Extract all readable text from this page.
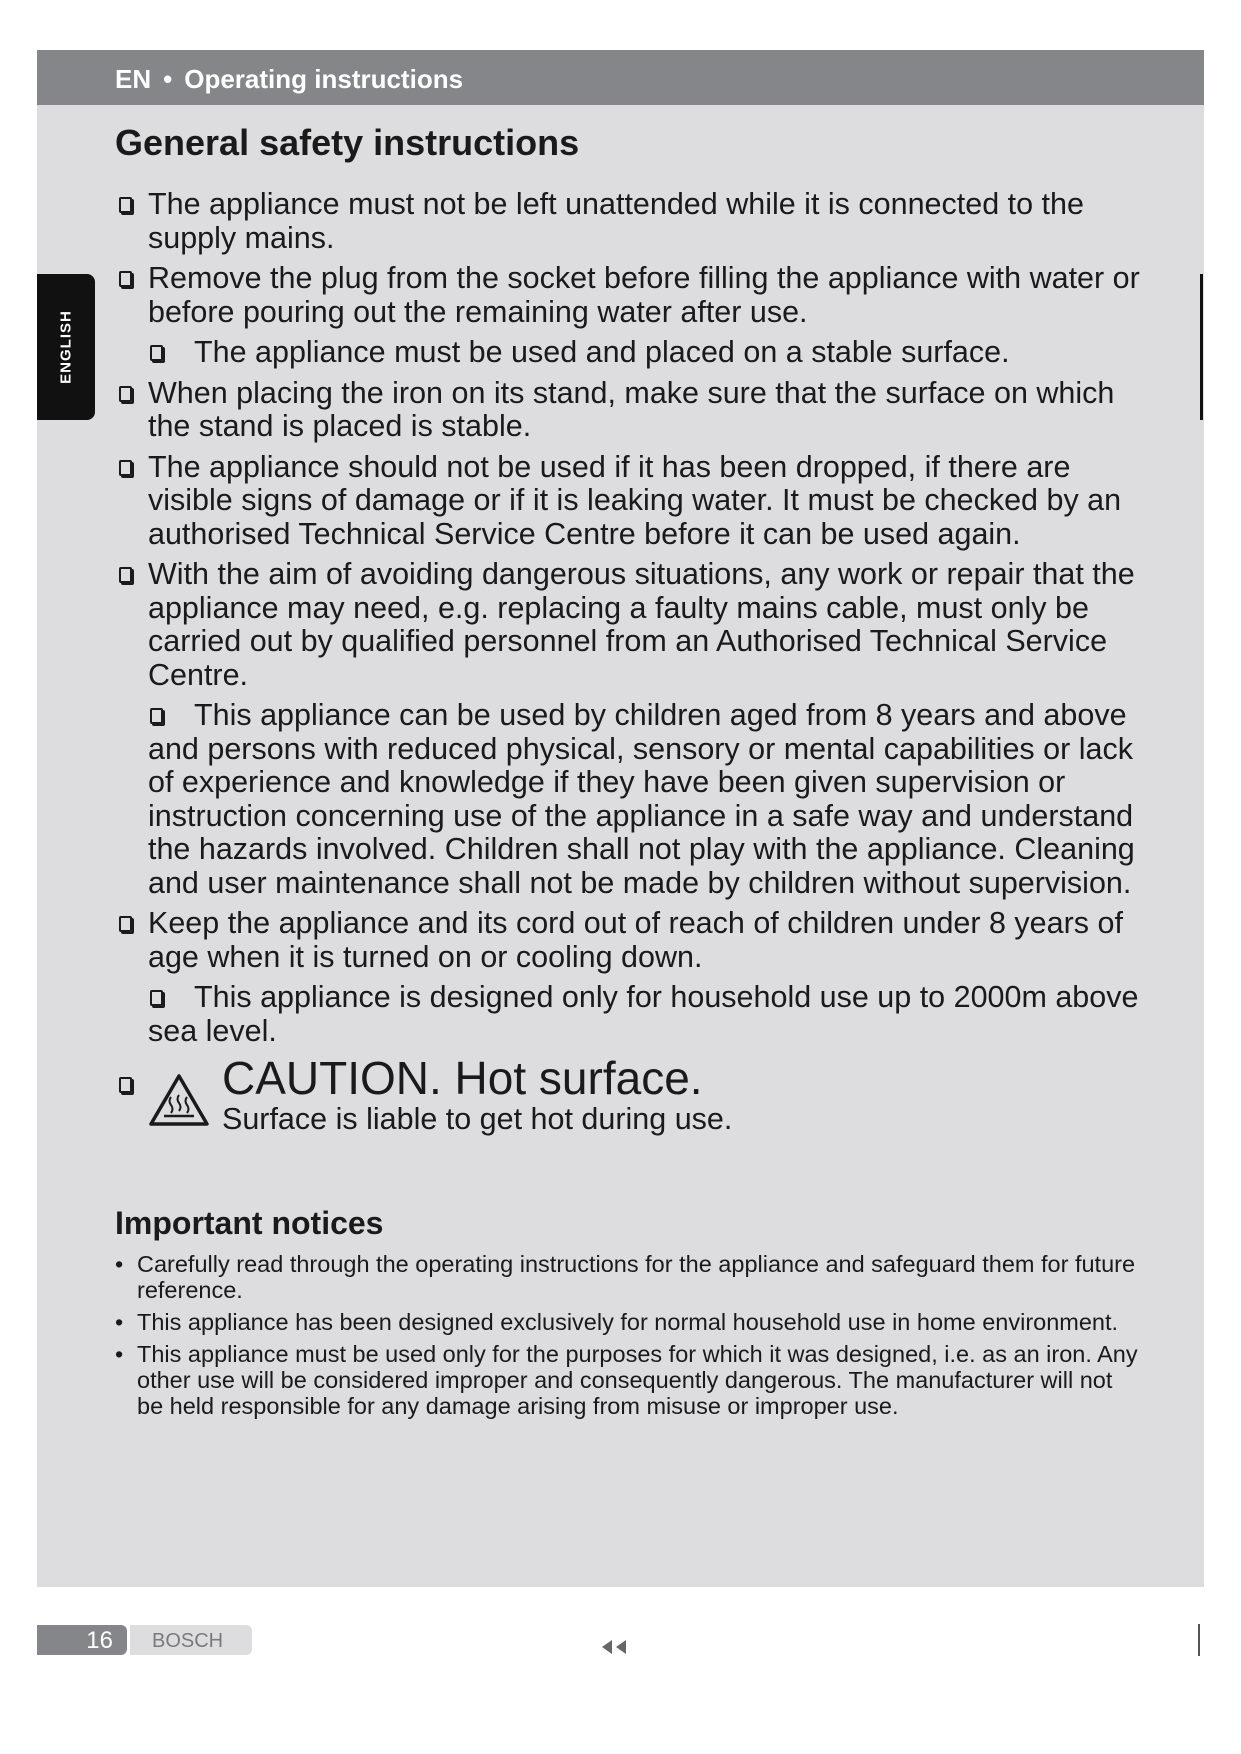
EN • Operating instructions
ENGLISH
General safety instructions
The appliance must not be left unattended while it is connected to the supply mains.
Remove the plug from the socket before filling the appliance with water or before pouring out the remaining water after use.
The appliance must be used and placed on a stable surface.
When placing the iron on its stand, make sure that the surface on which the stand is placed is stable.
The appliance should not be used if it has been dropped, if there are visible signs of damage or if it is leaking water. It must be checked by an authorised Technical Service Centre before it can be used again.
With the aim of avoiding dangerous situations, any work or repair that the appliance may need, e.g. replacing a faulty mains cable, must only be carried out by qualified personnel from an Authorised Technical Service Centre.
This appliance can be used by children aged from 8 years and above and persons with reduced physical, sensory or mental capabilities or lack of experience and knowledge if they have been given supervision or instruction concerning use of the appliance in a safe way and understand the hazards involved. Children shall not play with the appliance. Cleaning and user maintenance shall not be made by children without supervision.
Keep the appliance and its cord out of reach of children under 8 years of age when it is turned on or cooling down.
This appliance is designed only for household use up to 2000m above sea level.
CAUTION. Hot surface.
Surface is liable to get hot during use.
Important notices
• Carefully read through the operating instructions for the appliance and safeguard them for future reference.
• This appliance has been designed exclusively for normal household use in home environment.
• This appliance must be used only for the purposes for which it was designed, i.e. as an iron. Any other use will be considered improper and consequently dangerous. The manufacturer will not be held responsible for any damage arising from misuse or improper use.
16	BOSCH
